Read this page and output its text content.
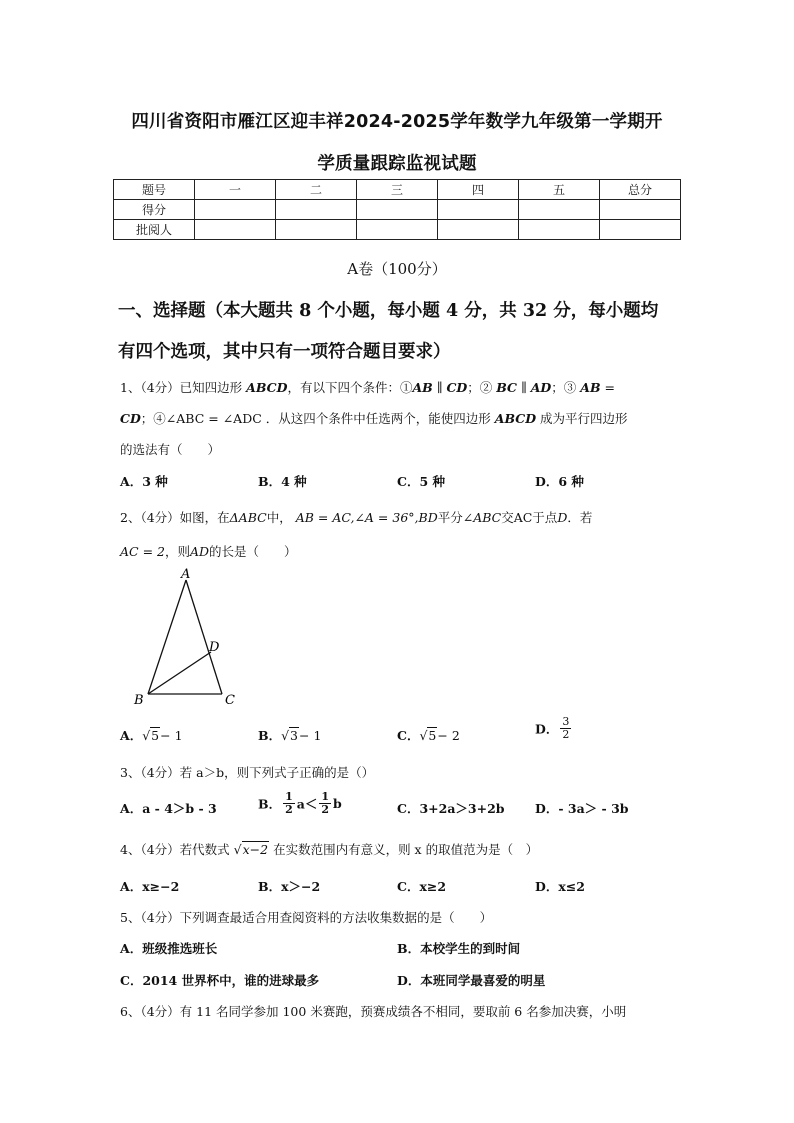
四川省资阳市雁江区迎丰祥2024-2025学年数学九年级第一学期开
学质量跟踪监视试题
题号	一	二	三	四	五	总分
得分						
批阅人						
A卷（100分）
一、选择题（本大题共 8 个小题，每小题 4 分，共 32 分，每小题均
有四个选项，其中只有一项符合题目要求）
1、（4分）已知四边形 ABCD，有以下四个条件：①AB ∥ CD；② BC ∥ AD；③ AB =
CD；④∠ABC = ∠ADC ．从这四个条件中任选两个，能使四边形 ABCD 成为平行四边形
的选法有（　　）
A．3 种	B．4 种	C．5 种	D．6 种
2、（4分）如图，在ΔABC中， AB = AC,∠A = 36°,BD平分∠ABC交AC于点D．若
AC = 2，则AD的长是（　　）
A
B	C
D
A．√5− 1	B．√3− 1	C．√5− 2	D． $\frac{3}{2}$
3、（4分）若 a＞b，则下列式子正确的是（）
A．a - 4＞b - 3	B． $\frac{1}{2} a< \frac{1}{2}$ b	C．3+2a＞3+2b D．- 3a＞ - 3b
4、（4分）若代数式 √x−2 在实数范围内有意义，则 x 的取值范为是（　）
A．x≥−2	B．x＞−2	C．x≥2	D．x≤2
5、（4分）下列调查最适合用查阅资料的方法收集数据的是（　　）
A．班级推选班长	B．本校学生的到时间
C．2014 世界杯中，谁的进球最多	D．本班同学最喜爱的明星
6、（4分）有 11 名同学参加 100 米赛跑，预赛成绩各不相同，要取前 6 名参加决赛，小明
